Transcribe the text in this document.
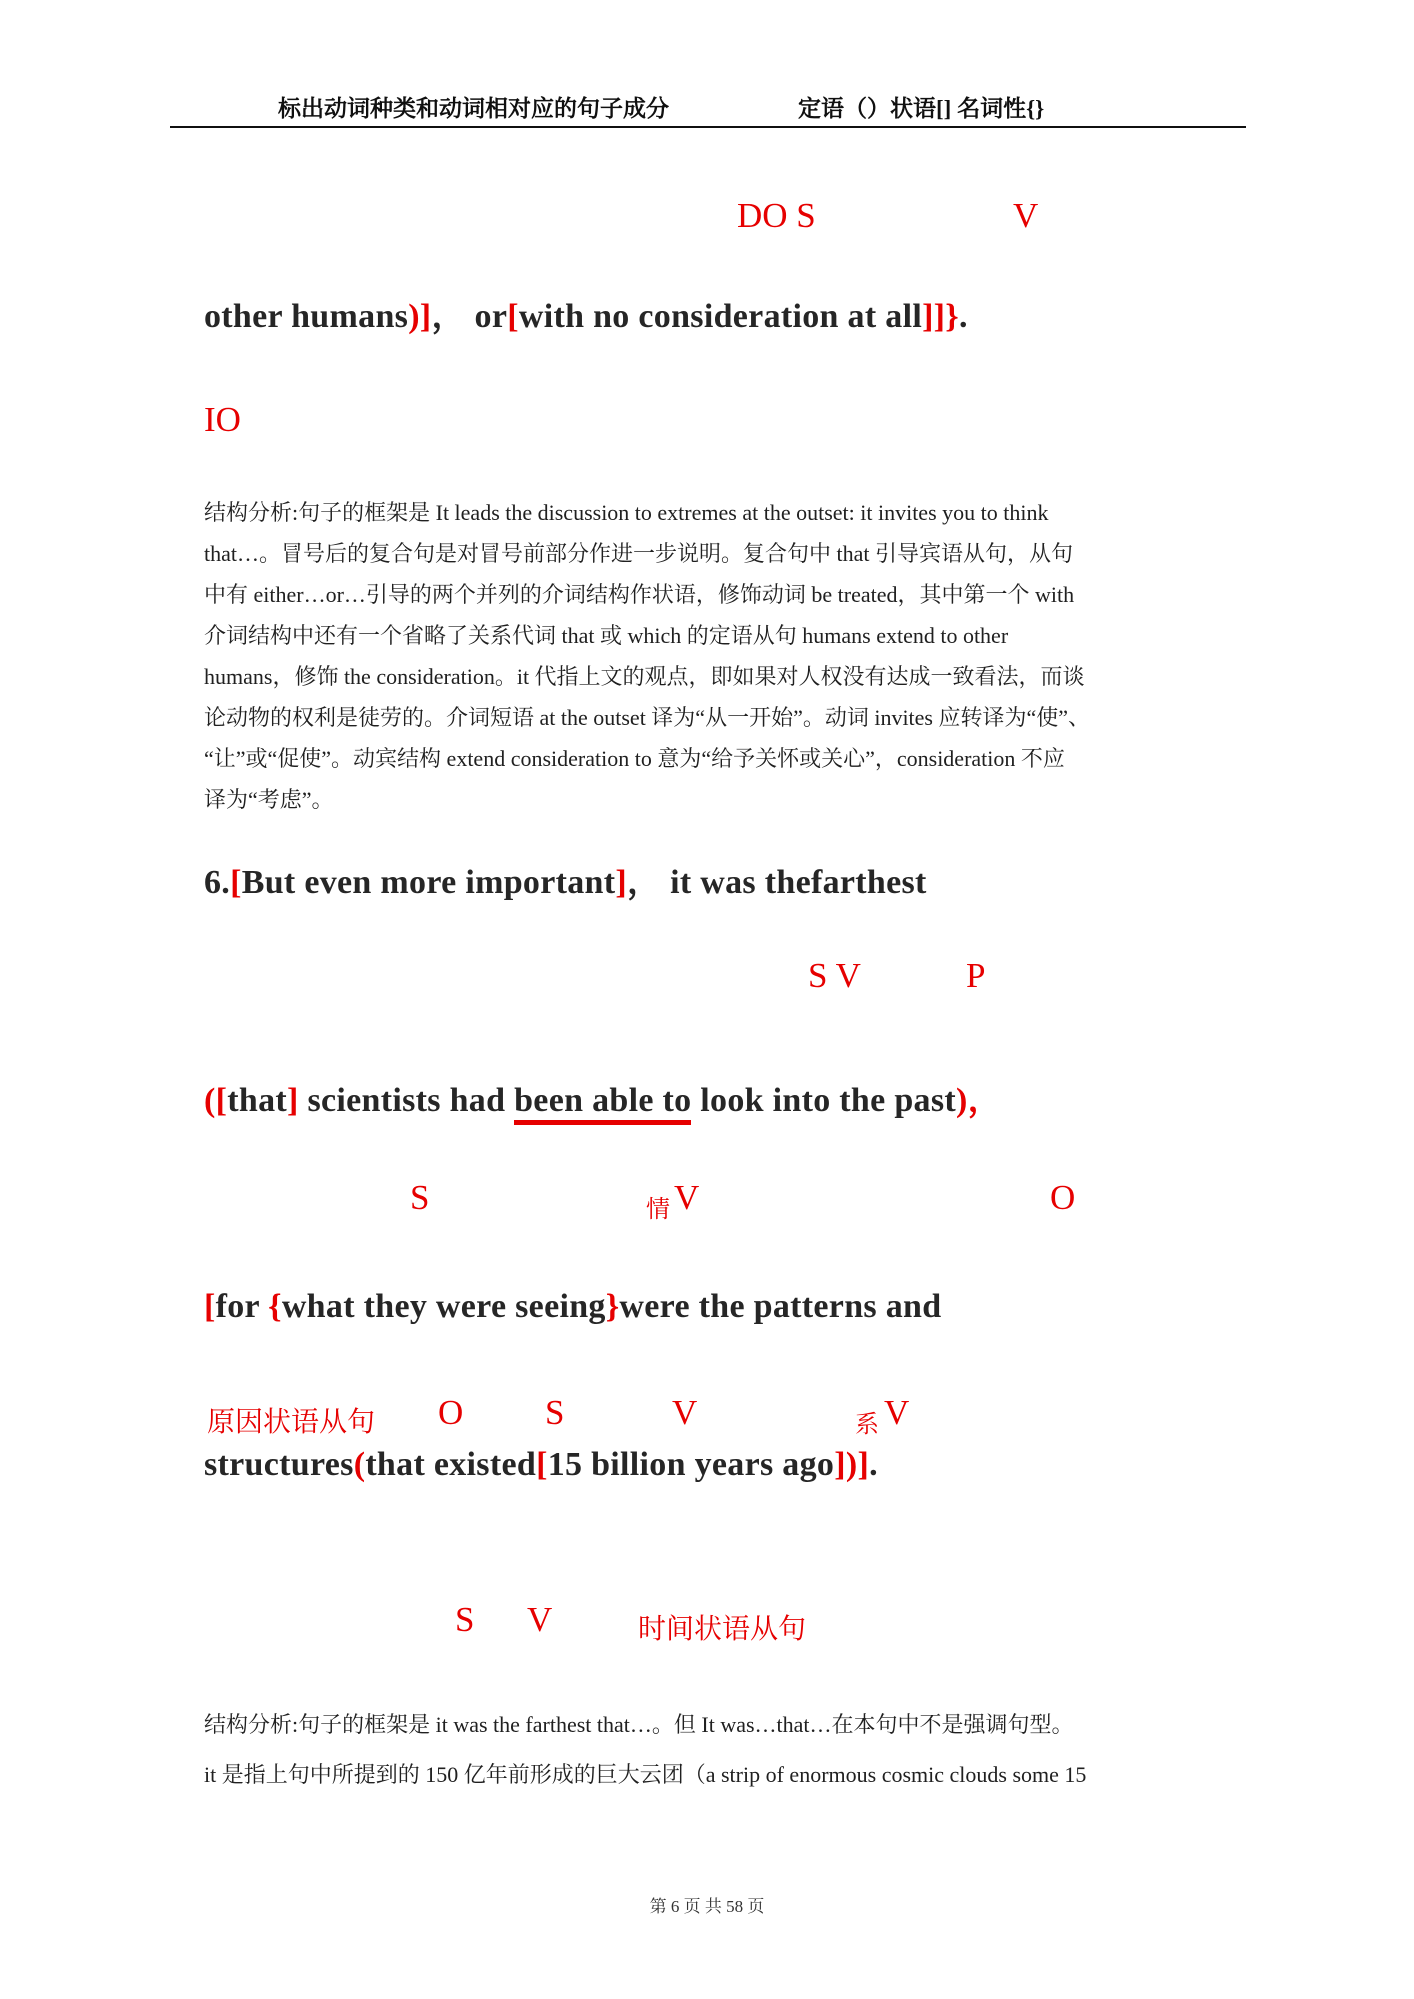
标出动词种类和动词相对应的句子成分	定语（）状语[] 名词性{}
DO S	V
other humans)]， or[with no consideration at all]]}.
IO
结构分析:句子的框架是 It leads the discussion to extremes at the outset: it invites you to think
that…。冒号后的复合句是对冒号前部分作进一步说明。复合句中 that 引导宾语从句，从句
中有 either…or…引导的两个并列的介词结构作状语，修饰动词 be treated，其中第一个 with
介词结构中还有一个省略了关系代词 that 或 which 的定语从句 humans extend to other
humans，修饰 the consideration。it 代指上文的观点，即如果对人权没有达成一致看法，而谈
论动物的权利是徒劳的。介词短语 at the outset 译为“从一开始”。动词 invites 应转译为“使”、
“让”或“促使”。动宾结构 extend consideration to 意为“给予关怀或关心”，consideration 不应
译为“考虑”。
6.[But even more important]， it was thefarthest
S V	P
([that] scientists had been able to look into the past)，
S	情 V	O
[for {what they were seeing}were the patterns and
原因状语从句 O S	V	系 V
structures(that existed[15 billion years ago])].
S V	时间状语从句
结构分析:句子的框架是 it was the farthest that…。但 It was…that…在本句中不是强调句型。
it 是指上句中所提到的 150 亿年前形成的巨大云团（a strip of enormous cosmic clouds some 15
第 6 页 共 58 页
